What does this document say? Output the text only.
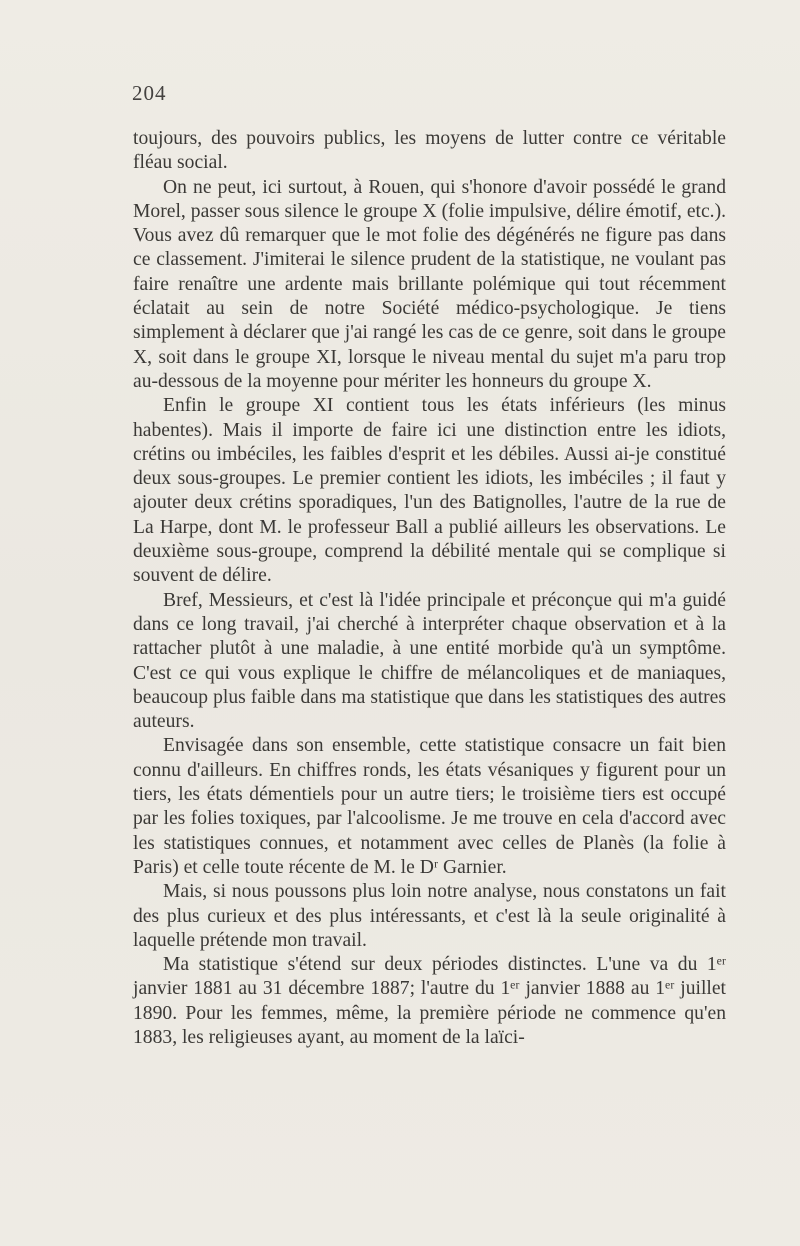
204

toujours, des pouvoirs publics, les moyens de lutter contre ce véritable fléau social.

On ne peut, ici surtout, à Rouen, qui s'honore d'avoir possédé le grand Morel, passer sous silence le groupe X (folie impulsive, délire émotif, etc.). Vous avez dû remarquer que le mot folie des dégénérés ne figure pas dans ce classement. J'imiterai le silence prudent de la statistique, ne voulant pas faire renaître une ardente mais brillante polémique qui tout récemment éclatait au sein de notre Société médico-psychologique. Je tiens simplement à déclarer que j'ai rangé les cas de ce genre, soit dans le groupe X, soit dans le groupe XI, lorsque le niveau mental du sujet m'a paru trop au-dessous de la moyenne pour mériter les honneurs du groupe X.

Enfin le groupe XI contient tous les états inférieurs (les minus habentes). Mais il importe de faire ici une distinction entre les idiots, crétins ou imbéciles, les faibles d'esprit et les débiles. Aussi ai-je constitué deux sous-groupes. Le premier contient les idiots, les imbéciles ; il faut y ajouter deux crétins sporadiques, l'un des Batignolles, l'autre de la rue de La Harpe, dont M. le professeur Ball a publié ailleurs les observations. Le deuxième sous-groupe, comprend la débilité mentale qui se complique si souvent de délire.

Bref, Messieurs, et c'est là l'idée principale et préconçue qui m'a guidé dans ce long travail, j'ai cherché à interpréter chaque observation et à la rattacher plutôt à une maladie, à une entité morbide qu'à un symptôme. C'est ce qui vous explique le chiffre de mélancoliques et de maniaques, beaucoup plus faible dans ma statistique que dans les statistiques des autres auteurs.

Envisagée dans son ensemble, cette statistique consacre un fait bien connu d'ailleurs. En chiffres ronds, les états vésaniques y figurent pour un tiers, les états démentiels pour un autre tiers; le troisième tiers est occupé par les folies toxiques, par l'alcoolisme. Je me trouve en cela d'accord avec les statistiques connues, et notamment avec celles de Planès (la folie à Paris) et celle toute récente de M. le Dʳ Garnier.

Mais, si nous poussons plus loin notre analyse, nous constatons un fait des plus curieux et des plus intéressants, et c'est là la seule originalité à laquelle prétende mon travail.

Ma statistique s'étend sur deux périodes distinctes. L'une va du 1ᵉʳ janvier 1881 au 31 décembre 1887; l'autre du 1ᵉʳ janvier 1888 au 1ᵉʳ juillet 1890. Pour les femmes, même, la première période ne commence qu'en 1883, les religieuses ayant, au moment de la laïci-
